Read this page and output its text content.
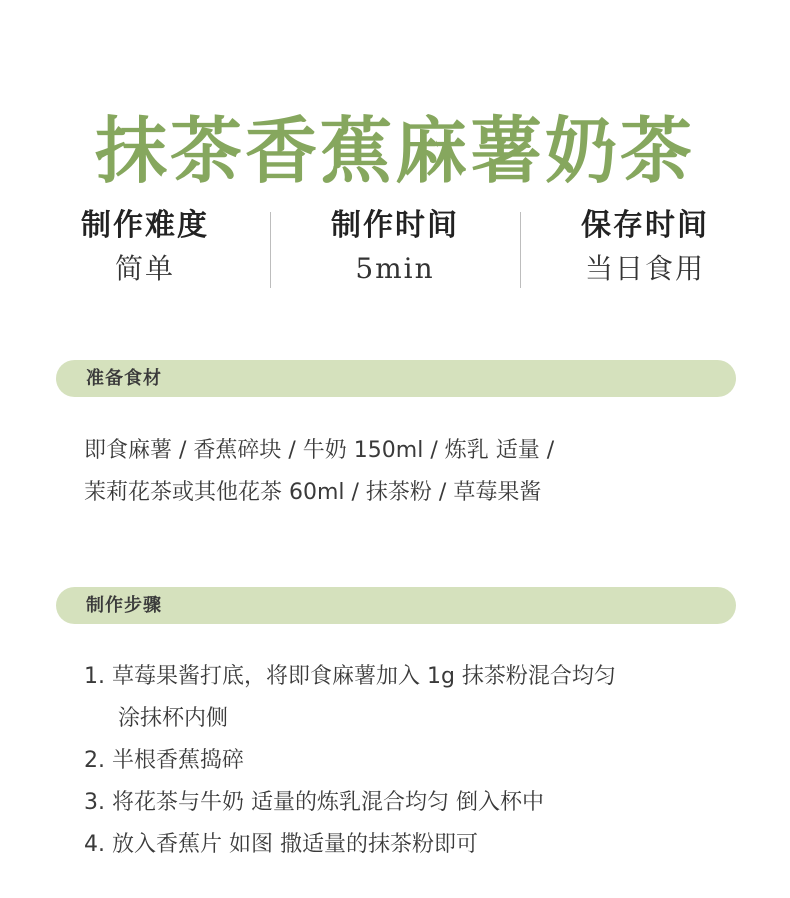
抹茶香蕉麻薯奶茶
制作难度
简单
制作时间
5min
保存时间
当日食用
准备食材
即食麻薯 / 香蕉碎块 / 牛奶 150ml / 炼乳 适量 /
茉莉花茶或其他花茶 60ml / 抹茶粉 / 草莓果酱
制作步骤
1. 草莓果酱打底，将即食麻薯加入 1g 抹茶粉混合均匀
涂抹杯内侧
2. 半根香蕉捣碎
3. 将花茶与牛奶 适量的炼乳混合均匀 倒入杯中
4. 放入香蕉片 如图 撒适量的抹茶粉即可
